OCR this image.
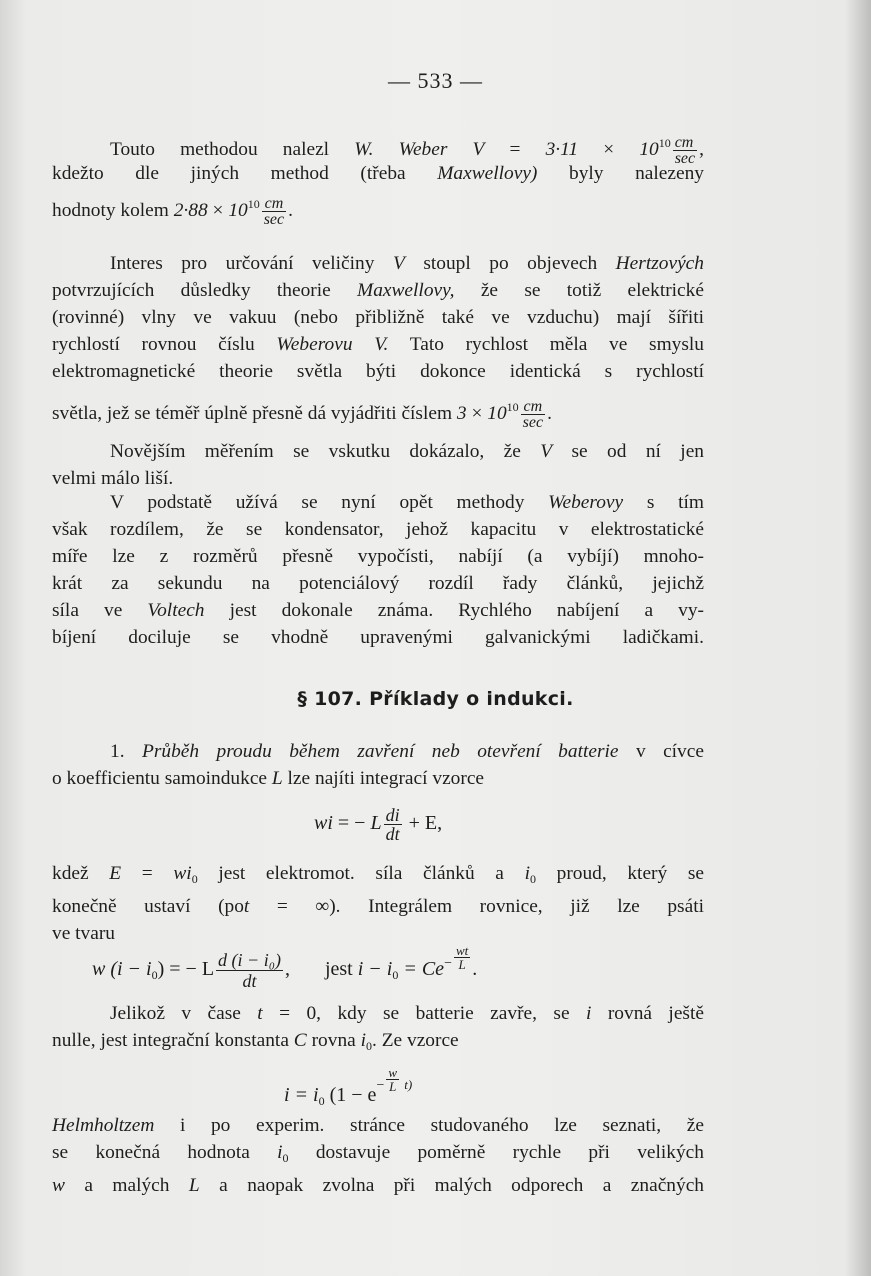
— 533 —
Touto methodou nalezl W. Weber $V = 3\cdot 11 \times 10^{10} \frac{cm}{\sec}$ ,
kdežto dle jiných method (třeba Maxwellovy) byly nalezeny
hodnoty kolem $2\cdot 88 \times 10^{10} \frac{cm}{\sec}$ .
Interes pro určování veličiny V stoupl po objevech Hertzových
potvrzujících důsledky theorie Maxwellovy, že se totiž elektrické
(rovinné) vlny ve vakuu (nebo přibližně také ve vzduchu) mají šířiti
rychlostí rovnou číslu Weberovu V. Tato rychlost měla ve smyslu
elektromagnetické theorie světla býti dokonce identická s rychlostí
světla, jež se téměř úplně přesně dá vyjádřiti číslem $3 \times 10^{10} \frac{cm}{\sec}$ .
Novějším měřením se vskutku dokázalo, že V se od ní jen
velmi málo liší.
V podstatě užívá se nyní opět methody Weberovy s tím
však rozdílem, že se kondensator, jehož kapacitu v elektrostatické
míře lze z rozměrů přesně vypočísti, nabíjí (a vybíjí) mnoho-
krát za sekundu na potenciálový rozdíl řady článků, jejichž
síla ve Voltech jest dokonale známa. Rychlého nabíjení a vy-
bíjení dociluje se vhodně upravenými galvanickými ladičkami.
§ 107. Příklady o indukci.
1. Průběh proudu během zavření neb otevření batterie v cívce
o koefficientu samoindukce L lze najíti integrací vzorce
wi = − L $\frac{di}{dt} + E$,
kdež $E = wi_0$ jest elektromot. síla článků a $i_0$ proud, který se
konečně ustaví (pot = ∞). Integrálem rovnice, již lze psáti
ve tvaru
w $(i - i_0)$ = − L $\frac{\text{d (i − i₀)}}{dt}$ , jest $i - i_0 = Ce^- \frac{wt}{L}$ .
Jelikož v čase t = 0, kdy se batterie zavře, se i rovná ještě
nulle, jest integrační konstanta C rovna $i_0$. Ze vzorce
$i = i_0$ ($1 - e^- \frac{w}{L} ^{t)}$
Helmholtzem i po experim. stránce studovaného lze seznati, že
se konečná hodnota $i_0$ dostavuje poměrně rychle při velikých
w a malých L a naopak zvolna při malých odporech a značných
